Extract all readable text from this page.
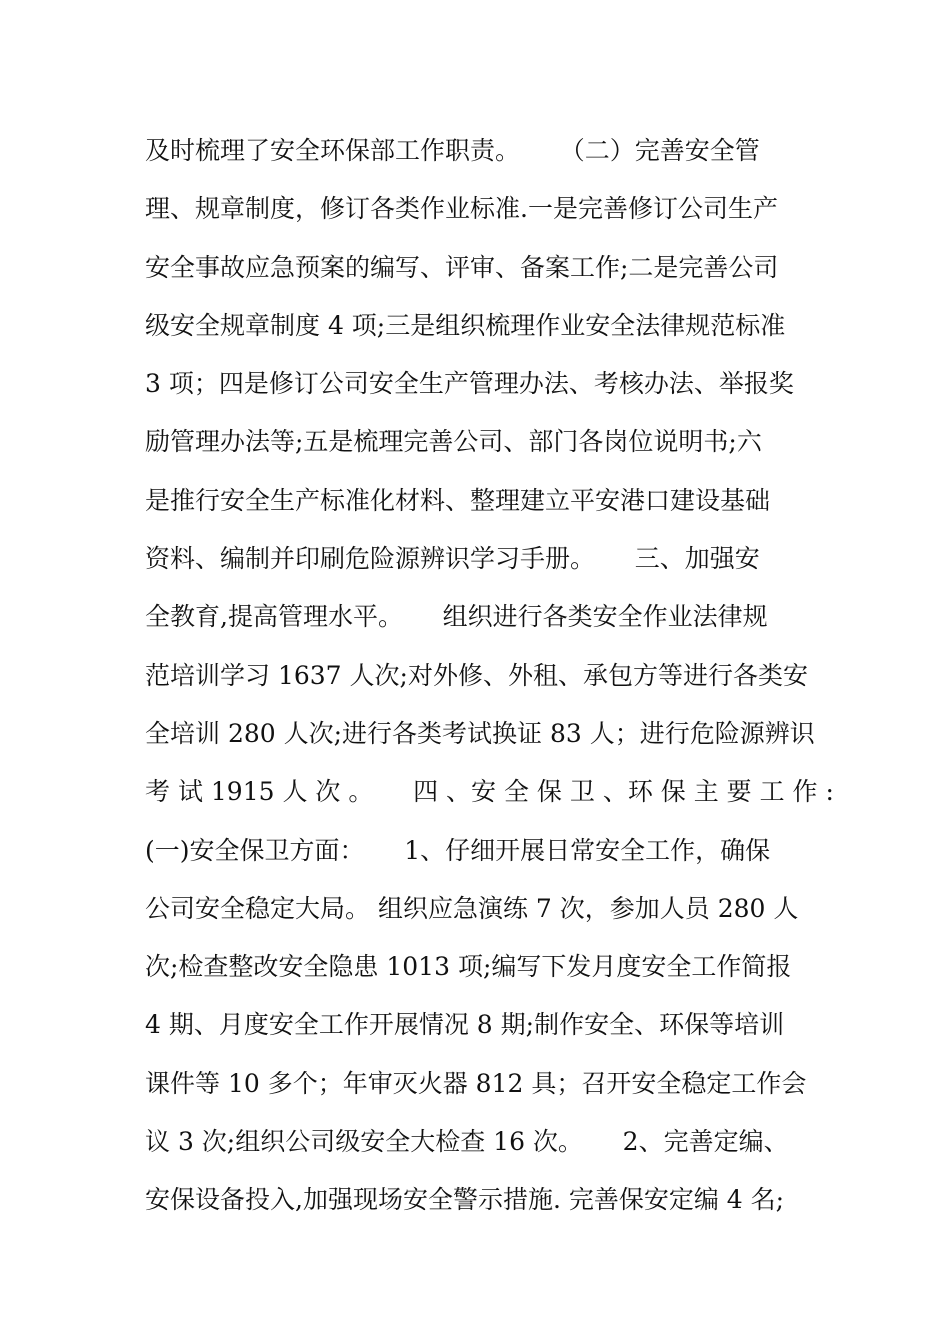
及时梳理了安全环保部工作职责。     （二）完善安全管
理、规章制度，修订各类作业标准.一是完善修订公司生产
安全事故应急预案的编写、评审、备案工作;二是完善公司
级安全规章制度 4 项;三是组织梳理作业安全法律规范标准
3 项；四是修订公司安全生产管理办法、考核办法、举报奖
励管理办法等;五是梳理完善公司、部门各岗位说明书;六
是推行安全生产标准化材料、整理建立平安港口建设基础
资料、编制并印刷危险源辨识学习手册。     三、加强安
全教育,提高管理水平。     组织进行各类安全作业法律规
范培训学习 1637 人次;对外修、外租、承包方等进行各类安
全培训 280 人次;进行各类考试换证 83 人；进行危险源辨识
考 试 1915 人 次 。     四 、安 全 保 卫 、环 保 主 要 工 作 :
(一)安全保卫方面：     1、仔细开展日常安全工作，确保
公司安全稳定大局。 组织应急演练 7 次，参加人员 280 人
次;检查整改安全隐患 1013 项;编写下发月度安全工作简报
4 期、月度安全工作开展情况 8 期;制作安全、环保等培训
课件等 10 多个；年审灭火器 812 具；召开安全稳定工作会
议 3 次;组织公司级安全大检查 16 次。     2、完善定编、
安保设备投入,加强现场安全警示措施. 完善保安定编 4 名;
